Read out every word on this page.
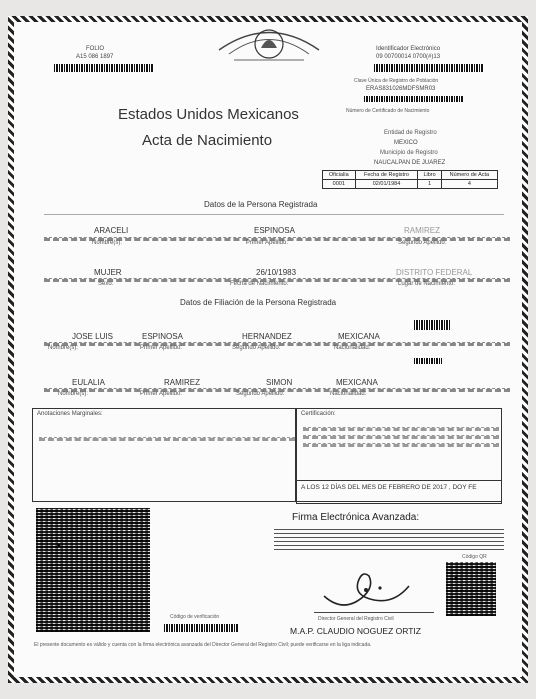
FOLIO
A15 086 1897
Identificador Electrónico
09 00700014 0700(#)13
Clave Única de Registro de Población
ERAS831026MDFSMR03
Número de Certificado de Nacimiento
Estados Unidos Mexicanos
Acta de Nacimiento	Entidad de Registro
MEXICO
Municipio de Registro
NAUCALPAN DE JUAREZ
Oficialía	Fecha de Registro	Libro	Número de Acta
0001	02/01/1984	1	4
Datos de la Persona Registrada
ARACELI	ESPINOSA	RAMIREZ
Nombre(s):	Primer Apellido:	Segundo Apellido:
MUJER	26/10/1983	DISTRITO FEDERAL
Sexo:	Fecha de Nacimiento:	Lugar de Nacimiento:
Datos de Filiación de la Persona Registrada
JOSE LUIS	ESPINOSA	HERNANDEZ	MEXICANA
Nombre(s):	Primer Apellido:	Segundo Apellido:	Nacionalidad:
EULALIA	RAMIREZ	SIMON	MEXICANA
Nombre(s):	Primer Apellido:	Segundo Apellido:	Nacionalidad:
Anotaciones Marginales:	Certificación:
A LOS 12 DÍAS DEL MES DE FEBRERO DE 2017 , DOY FE
Firma Electrónica Avanzada:
Código de verificación
Código QR
Director General del Registro Civil
M.A.P. CLAUDIO NOGUEZ ORTIZ
El presente documento es válido y cuenta con la firma electrónica avanzada del Director General del Registro Civil; puede verificarse en la liga indicada.
